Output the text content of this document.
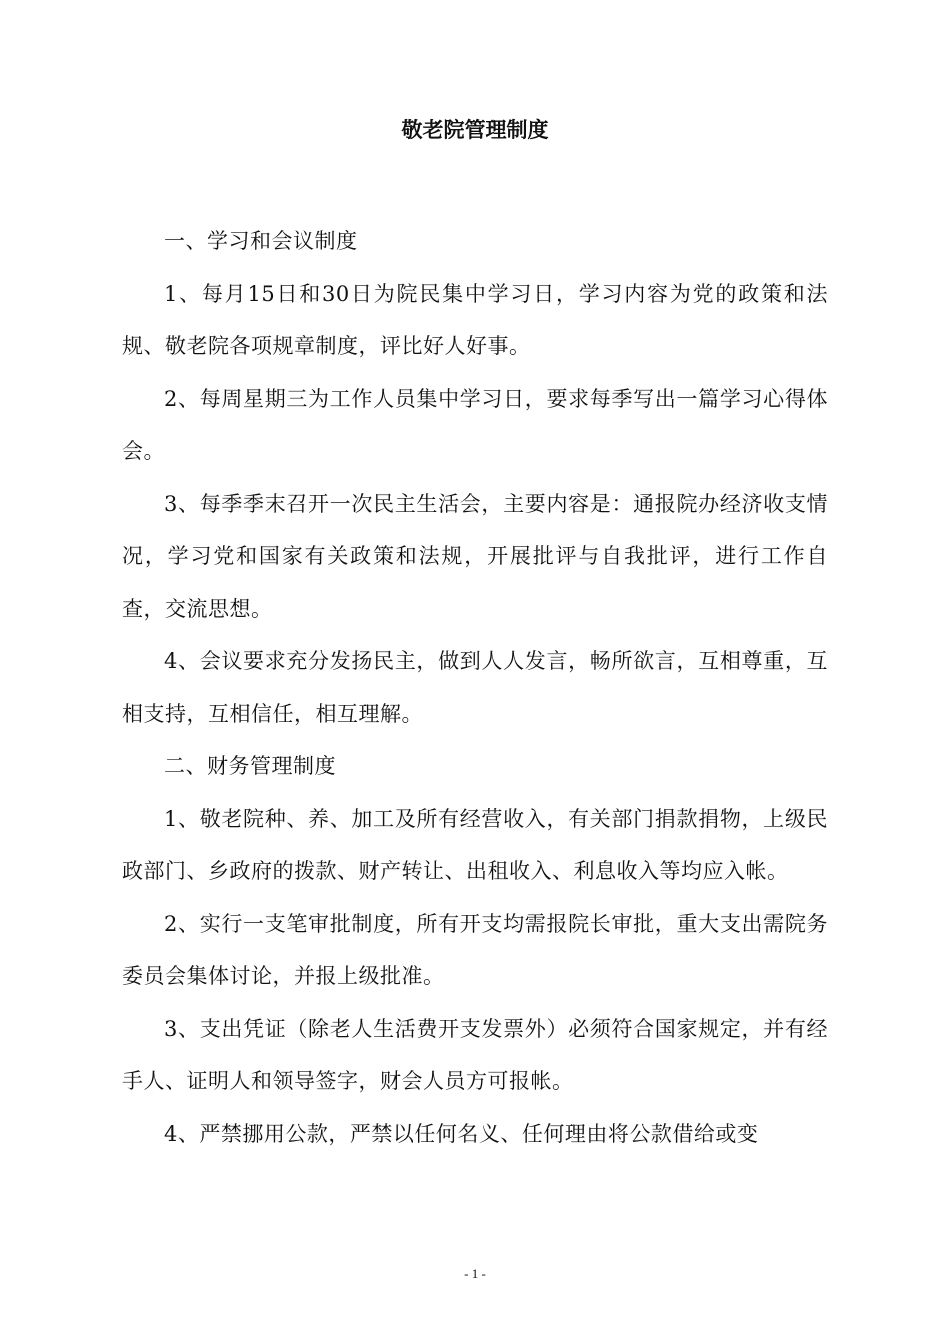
敬老院管理制度

一、学习和会议制度

1、每月15日和30日为院民集中学习日，学习内容为党的政策和法规、敬老院各项规章制度，评比好人好事。

2、每周星期三为工作人员集中学习日，要求每季写出一篇学习心得体会。

3、每季季末召开一次民主生活会，主要内容是：通报院办经济收支情况，学习党和国家有关政策和法规，开展批评与自我批评，进行工作自查，交流思想。

4、会议要求充分发扬民主，做到人人发言，畅所欲言，互相尊重，互相支持，互相信任，相互理解。

二、财务管理制度

1、敬老院种、养、加工及所有经营收入，有关部门捐款捐物，上级民政部门、乡政府的拨款、财产转让、出租收入、利息收入等均应入帐。

2、实行一支笔审批制度，所有开支均需报院长审批，重大支出需院务委员会集体讨论，并报上级批准。

3、支出凭证（除老人生活费开支发票外）必须符合国家规定，并有经手人、证明人和领导签字，财会人员方可报帐。

4、严禁挪用公款，严禁以任何名义、任何理由将公款借给或变

- 1 -
